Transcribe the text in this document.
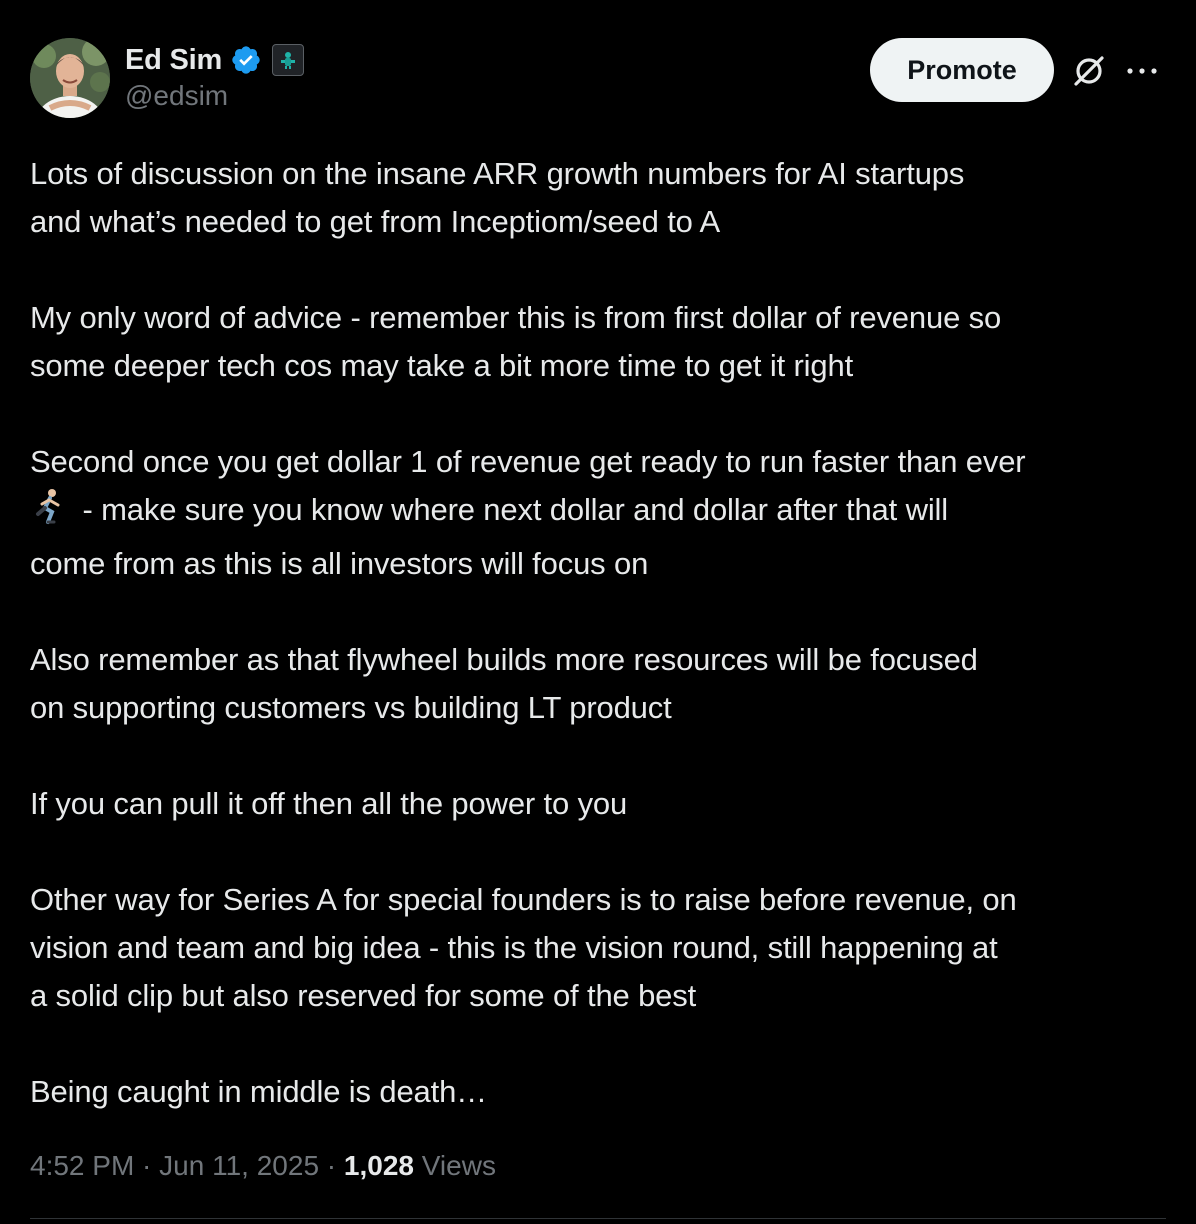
Ed Sim
@edsim
Promote
Lots of discussion on the insane ARR growth numbers for AI startups
and what’s needed to get from Inceptiom/seed to A
My only word of advice - remember this is from first dollar of revenue so
some deeper tech cos may take a bit more time to get it right
Second once you get dollar 1 of revenue get ready to run faster than ever
- make sure you know where next dollar and dollar after that will
come from as this is all investors will focus on
Also remember as that flywheel builds more resources will be focused
on supporting customers vs building LT product
If you can pull it off then all the power to you
Other way for Series A for special founders is to raise before revenue, on
vision and team and big idea - this is the vision round, still happening at
a solid clip but also reserved for some of the best
Being caught in middle is death…
4:52 PM · Jun 11, 2025 · 1,028 Views
